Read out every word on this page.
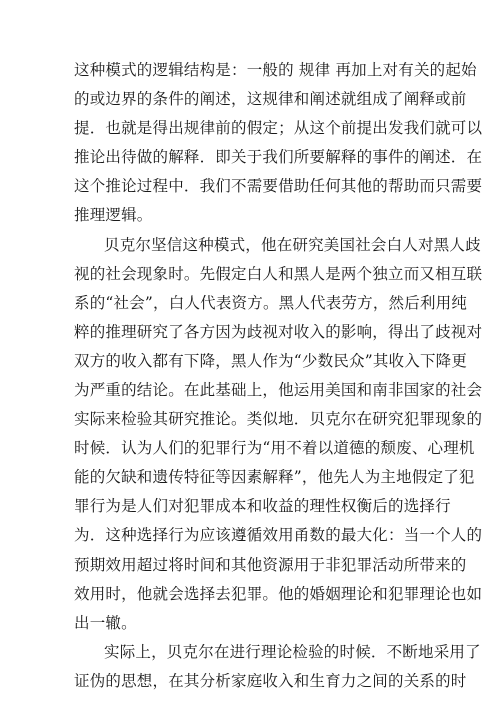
这种模式的逻辑结构是：一般的 规律 再加上对有关的起始
的或边界的条件的阐述，这规律和阐述就组成了阐释或前
提．也就是得出规律前的假定；从这个前提出发我们就可以
推论出待做的解释．即关于我们所要解释的事件的阐述．在
这个推论过程中．我们不需要借助任何其他的帮助而只需要
推理逻辑。
贝克尔坚信这种模式，他在研究美国社会白人对黑人歧
视的社会现象时。先假定白人和黑人是两个独立而又相互联
系的“社会”，白人代表资方。黑人代表劳方，然后利用纯
粹的推理研究了各方因为歧视对收入的影响，得出了歧视对
双方的收入都有下降，黑人作为“少数民众”其收入下降更
为严重的结论。在此基础上，他运用美国和南非国家的社会
实际来检验其研究推论。类似地．贝克尔在研究犯罪现象的
时候．认为人们的犯罪行为“用不着以道德的颓废、心理机
能的欠缺和遗传特征等因素解释”，他先人为主地假定了犯
罪行为是人们对犯罪成本和收益的理性权衡后的选择行
为．这种选择行为应该遵循效用甬数的最大化：当一个人的
预期效用超过将时间和其他资源用于非犯罪活动所带来的
效用时，他就会选择去犯罪。他的婚姻理论和犯罪理论也如
出一辙。
实际上，贝克尔在进行理论检验的时候．不断地采用了
证伪的思想，在其分析家庭收入和生育力之间的关系的时
